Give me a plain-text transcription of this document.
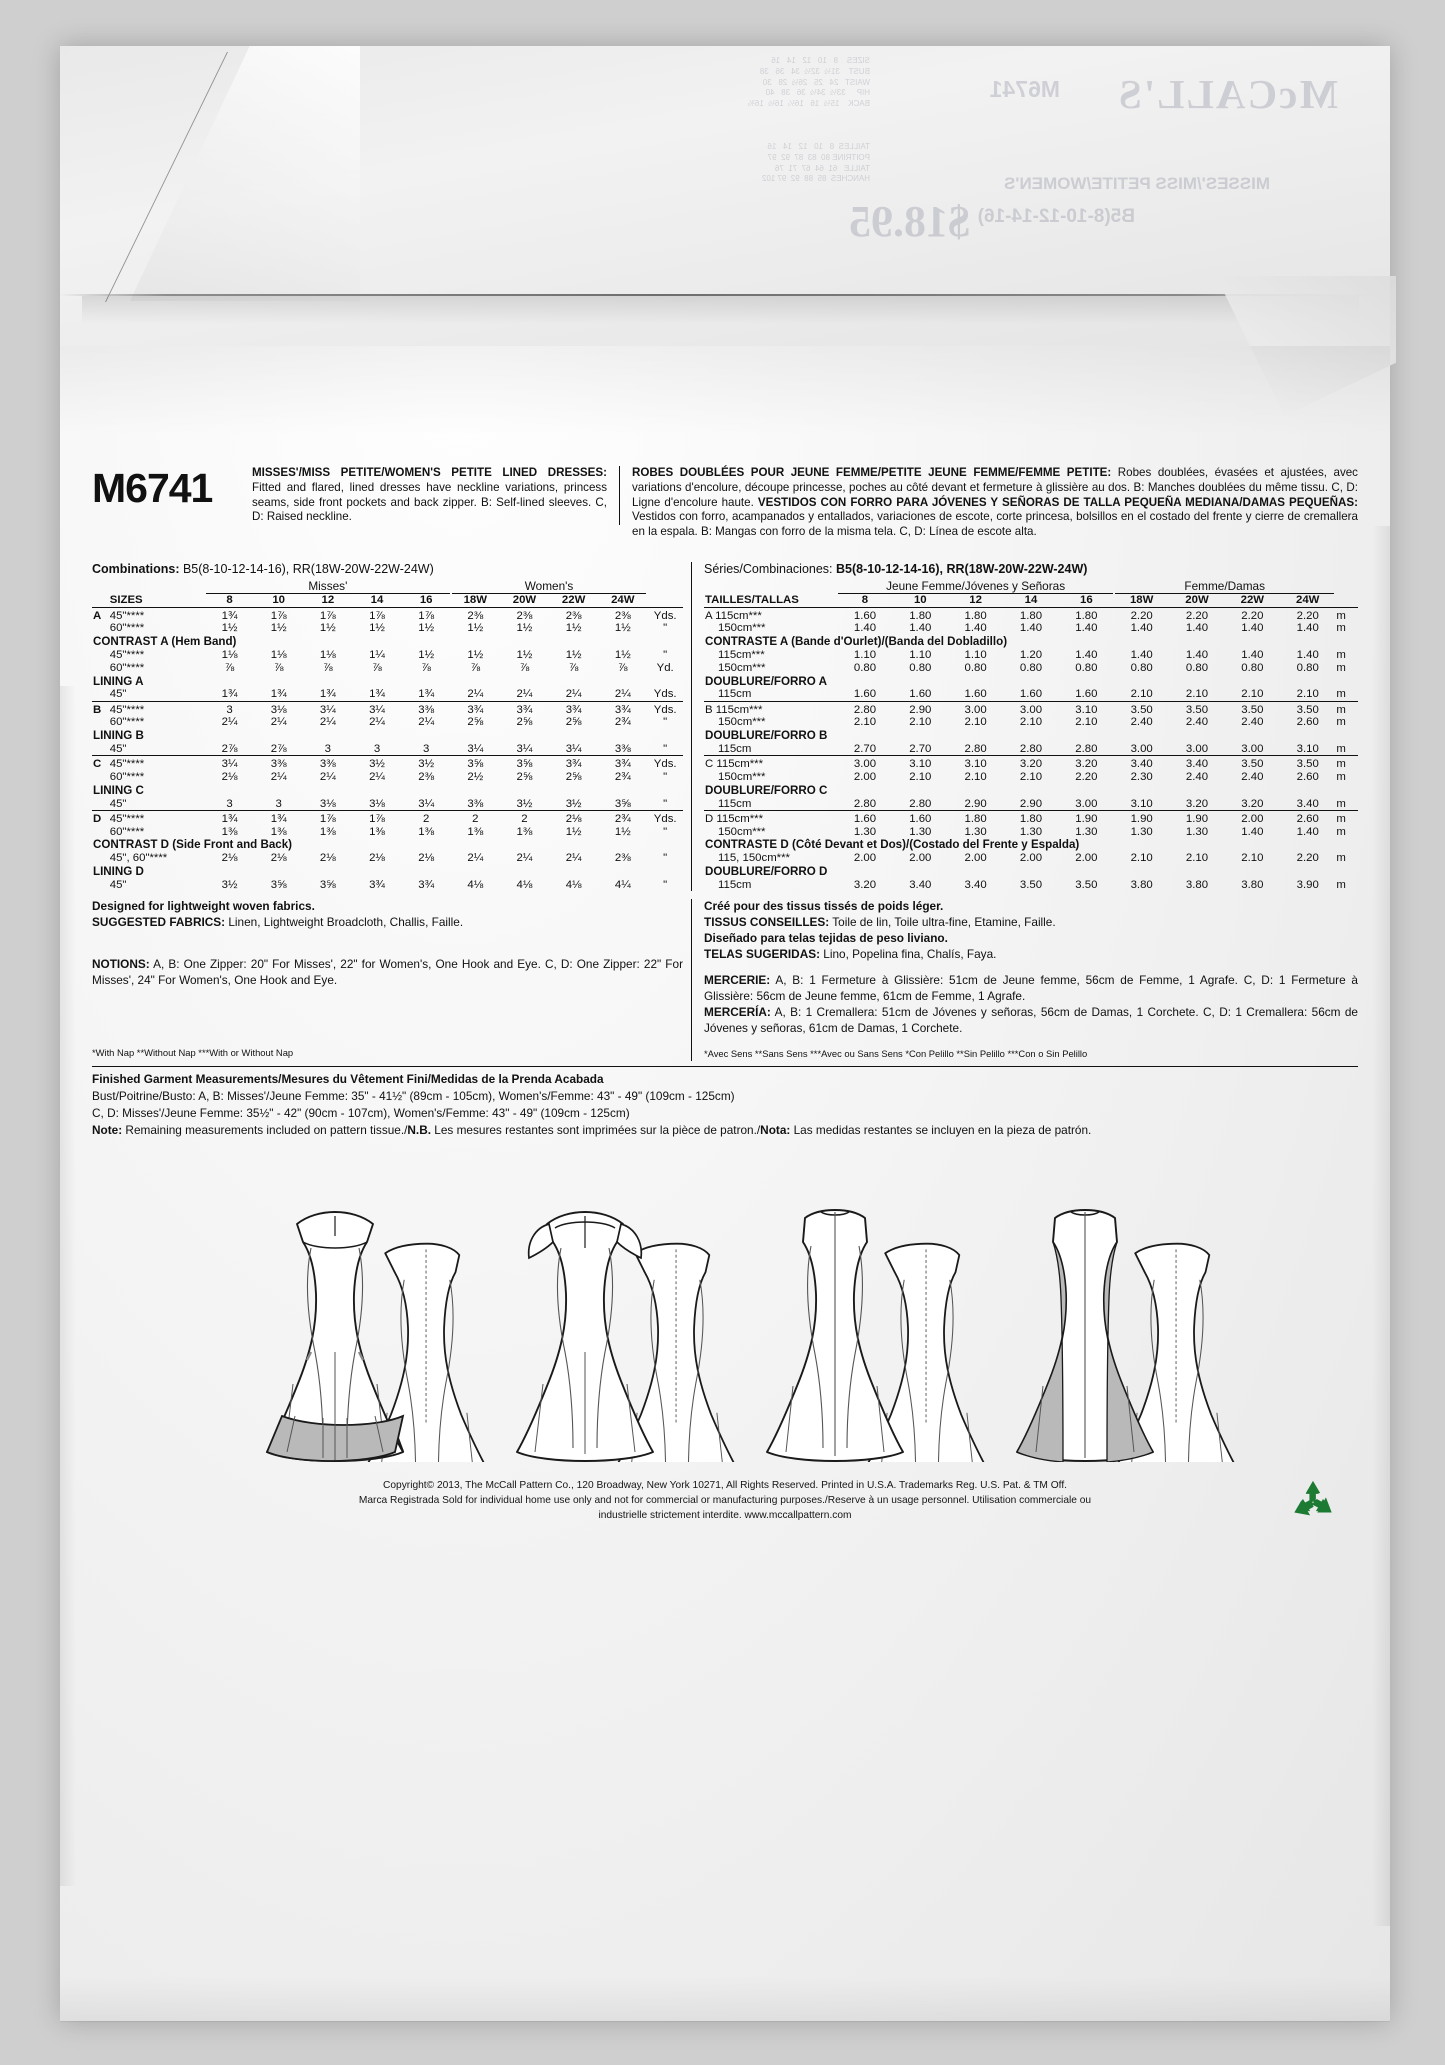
McCALL'S
M6741
MISSES'/MISS PETITE/WOMEN'S
B5(8-10-12-14-16)
$18.95
SIZES    8   10   12   14   16
BUST    31½  32½  34   36   38
WAIST   24   25   26½  28   30
HIP     33½  34½  36   38   40
BACK    15½  16   16¼  16½  16¾
TAILLES  8   10   12   14   16
POITRINE 80  83  87  92  97
TAILLE   61  64  67  71  76
HANCHES  85  88  92  97 102
M6741	MISSES'/MISS PETITE/WOMEN'S PETITE LINED DRESSES: Fitted and flared, lined dresses have neckline variations, princess seams, side front pockets and back zipper. B: Self-lined sleeves. C, D: Raised neckline.
ROBES DOUBLÉES POUR JEUNE FEMME/PETITE JEUNE FEMME/FEMME PETITE: Robes doublées, évasées et ajustées, avec variations d'encolure, découpe princesse, poches au côté devant et fermeture à glissière au dos. B: Manches doublées du même tissu. C, D: Ligne d'encolure haute. VESTIDOS CON FORRO PARA JÓVENES Y SEÑORAS DE TALLA PEQUEÑA MEDIANA/DAMAS PEQUEÑAS: Vestidos con forro, acampanados y entallados, variaciones de escote, corte princesa, bolsillos en el costado del frente y cierre de cremallera en la espala. B: Mangas con forro de la misma tela. C, D: Línea de escote alta.
Combinations: B5(8-10-12-14-16), RR(18W-20W-22W-24W)

		Misses'					Women's				

	SIZES	8	10	12	14	16	18W	20W	22W	24W	

A	45"****	1¾	1⅞	1⅞	1⅞	1⅞	2⅜	2⅜	2⅜	2⅜	Yds.
	60"****	1½	1½	1½	1½	1½	1½	1½	1½	1½	"
CONTRAST A (Hem Band)											
	45"****	1⅛	1⅛	1⅛	1¼	1½	1½	1½	1½	1½	"
	60"****	⅞	⅞	⅞	⅞	⅞	⅞	⅞	⅞	⅞	Yd.
LINING A											
	45"	1¾	1¾	1¾	1¾	1¾	2¼	2¼	2¼	2¼	Yds.

B	45"****	3	3⅛	3¼	3¼	3⅜	3¾	3¾	3¾	3¾	Yds.
	60"****	2¼	2¼	2¼	2¼	2¼	2⅝	2⅝	2⅝	2¾	"
LINING B											
	45"	2⅞	2⅞	3	3	3	3¼	3¼	3¼	3⅜	"

C	45"****	3¼	3⅜	3⅜	3½	3½	3⅝	3⅝	3¾	3¾	Yds.
	60"****	2⅛	2¼	2¼	2¼	2⅜	2½	2⅝	2⅝	2¾	"
LINING C											
	45"	3	3	3⅛	3⅛	3¼	3⅜	3½	3½	3⅝	"

D	45"****	1¾	1¾	1⅞	1⅞	2	2	2	2⅛	2¾	Yds.
	60"****	1⅜	1⅜	1⅜	1⅜	1⅜	1⅜	1⅜	1½	1½	"
CONTRAST D (Side Front and Back)											
	45", 60"****	2⅛	2⅛	2⅛	2⅛	2⅛	2¼	2¼	2¼	2⅜	"
LINING D											
	45"	3½	3⅝	3⅝	3¾	3¾	4⅛	4⅛	4⅛	4¼	"
Séries/Combinaciones: B5(8-10-12-14-16), RR(18W-20W-22W-24W)

	Jeune Femme/Jóvenes y Señoras					Femme/Damas				

TAILLES/TALLAS	8	10	12	14	16	18W	20W	22W	24W	

A 115cm***	1.60	1.80	1.80	1.80	1.80	2.20	2.20	2.20	2.20	m
150cm***	1.40	1.40	1.40	1.40	1.40	1.40	1.40	1.40	1.40	m
CONTRASTE A (Bande d'Ourlet)/(Banda del Dobladillo)										
115cm***	1.10	1.10	1.10	1.20	1.40	1.40	1.40	1.40	1.40	m
150cm***	0.80	0.80	0.80	0.80	0.80	0.80	0.80	0.80	0.80	m
DOUBLURE/FORRO A										
115cm	1.60	1.60	1.60	1.60	1.60	2.10	2.10	2.10	2.10	m

B 115cm***	2.80	2.90	3.00	3.00	3.10	3.50	3.50	3.50	3.50	m
150cm***	2.10	2.10	2.10	2.10	2.10	2.40	2.40	2.40	2.60	m
DOUBLURE/FORRO B										
115cm	2.70	2.70	2.80	2.80	2.80	3.00	3.00	3.00	3.10	m

C 115cm***	3.00	3.10	3.10	3.20	3.20	3.40	3.40	3.50	3.50	m
150cm***	2.00	2.10	2.10	2.10	2.20	2.30	2.40	2.40	2.60	m
DOUBLURE/FORRO C										
115cm	2.80	2.80	2.90	2.90	3.00	3.10	3.20	3.20	3.40	m

D 115cm***	1.60	1.60	1.80	1.80	1.90	1.90	1.90	2.00	2.60	m
150cm***	1.30	1.30	1.30	1.30	1.30	1.30	1.30	1.40	1.40	m
CONTRASTE D (Côté Devant et Dos)/(Costado del Frente y Espalda)										
115, 150cm***	2.00	2.00	2.00	2.00	2.00	2.10	2.10	2.10	2.20	m
DOUBLURE/FORRO D										
115cm	3.20	3.40	3.40	3.50	3.50	3.80	3.80	3.80	3.90	m
Designed for lightweight woven fabrics.
SUGGESTED FABRICS: Linen, Lightweight Broadcloth, Challis, Faille.
NOTIONS: A, B: One Zipper: 20" For Misses', 22" for Women's, One Hook and Eye. C, D: One Zipper: 22" For Misses', 24" For Women's, One Hook and Eye.
*With Nap **Without Nap ***With or Without Nap
Créé pour des tissus tissés de poids léger.
TISSUS CONSEILLES: Toile de lin, Toile ultra-fine, Etamine, Faille.
Diseñado para telas tejidas de peso liviano.
TELAS SUGERIDAS: Lino, Popelina fina, Chalís, Faya.
MERCERIE: A, B: 1 Fermeture à Glissière: 51cm de Jeune femme, 56cm de Femme, 1 Agrafe. C, D: 1 Fermeture à Glissière: 56cm de Jeune femme, 61cm de Femme, 1 Agrafe.
MERCERÍA: A, B: 1 Cremallera: 51cm de Jóvenes y señoras, 56cm de Damas, 1 Corchete. C, D: 1 Cremallera: 56cm de Jóvenes y señoras, 61cm de Damas, 1 Corchete.
*Avec Sens **Sans Sens ***Avec ou Sans Sens *Con Pelillo **Sin Pelillo ***Con o Sin Pelillo
Finished Garment Measurements/Mesures du Vêtement Fini/Medidas de la Prenda Acabada
Bust/Poitrine/Busto: A, B: Misses'/Jeune Femme: 35" - 41½" (89cm - 105cm), Women's/Femme: 43" - 49" (109cm - 125cm)
C, D: Misses'/Jeune Femme: 35½" - 42" (90cm - 107cm), Women's/Femme: 43" - 49" (109cm - 125cm)
Note: Remaining measurements included on pattern tissue./N.B. Les mesures restantes sont imprimées sur la pièce de patron./Nota: Las medidas restantes se incluyen en la pieza de patrón.
Copyright© 2013, The McCall Pattern Co., 120 Broadway, New York 10271, All Rights Reserved. Printed in U.S.A. Trademarks Reg. U.S. Pat. & TM Off.
Marca Registrada Sold for individual home use only and not for commercial or manufacturing purposes./Reserve à un usage personnel. Utilisation commerciale ou
industrielle strictement interdite. www.mccallpattern.com
